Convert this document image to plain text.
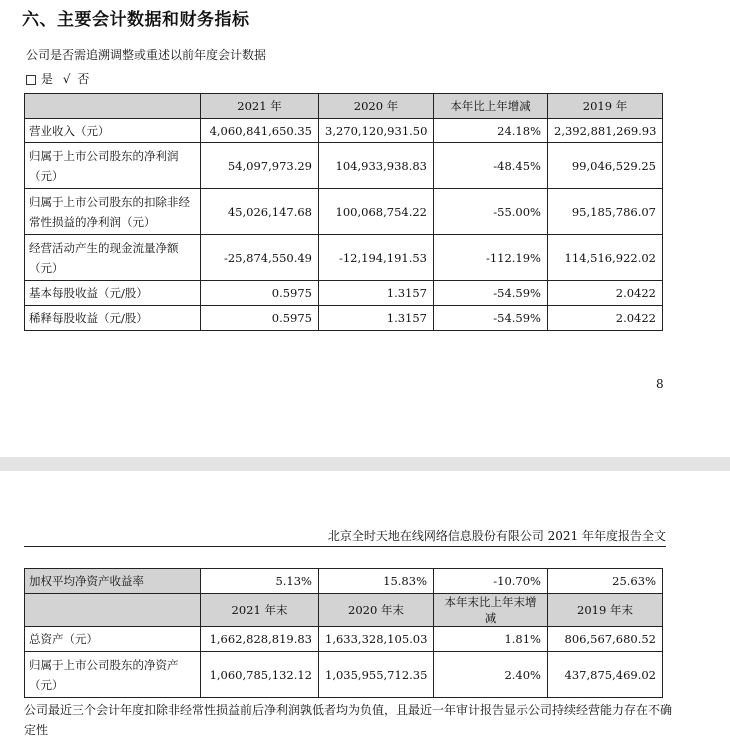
六、主要会计数据和财务指标
公司是否需追溯调整或重述以前年度会计数据
是 √ 否
	2021 年	2020 年	本年比上年增减	2019 年
营业收入（元）	4,060,841,650.35	3,270,120,931.50	24.18%	2,392,881,269.93
归属于上市公司股东的净利润（元）	54,097,973.29	104,933,938.83	-48.45%	99,046,529.25
归属于上市公司股东的扣除非经常性损益的净利润（元）	45,026,147.68	100,068,754.22	-55.00%	95,185,786.07
经营活动产生的现金流量净额（元）	-25,874,550.49	-12,194,191.53	-112.19%	114,516,922.02
基本每股收益（元/股）	0.5975	1.3157	-54.59%	2.0422
稀释每股收益（元/股）	0.5975	1.3157	-54.59%	2.0422
8
北京全时天地在线网络信息股份有限公司 2021 年年度报告全文
加权平均净资产收益率	5.13%	15.83%	-10.70%	25.63%
	2021 年末	2020 年末	本年末比上年末增减	2019 年末
总资产（元）	1,662,828,819.83	1,633,328,105.03	1.81%	806,567,680.52
归属于上市公司股东的净资产（元）	1,060,785,132.12	1,035,955,712.35	2.40%	437,875,469.02
公司最近三个会计年度扣除非经常性损益前后净利润孰低者均为负值，且最近一年审计报告显示公司持续经营能力存在不确定性
